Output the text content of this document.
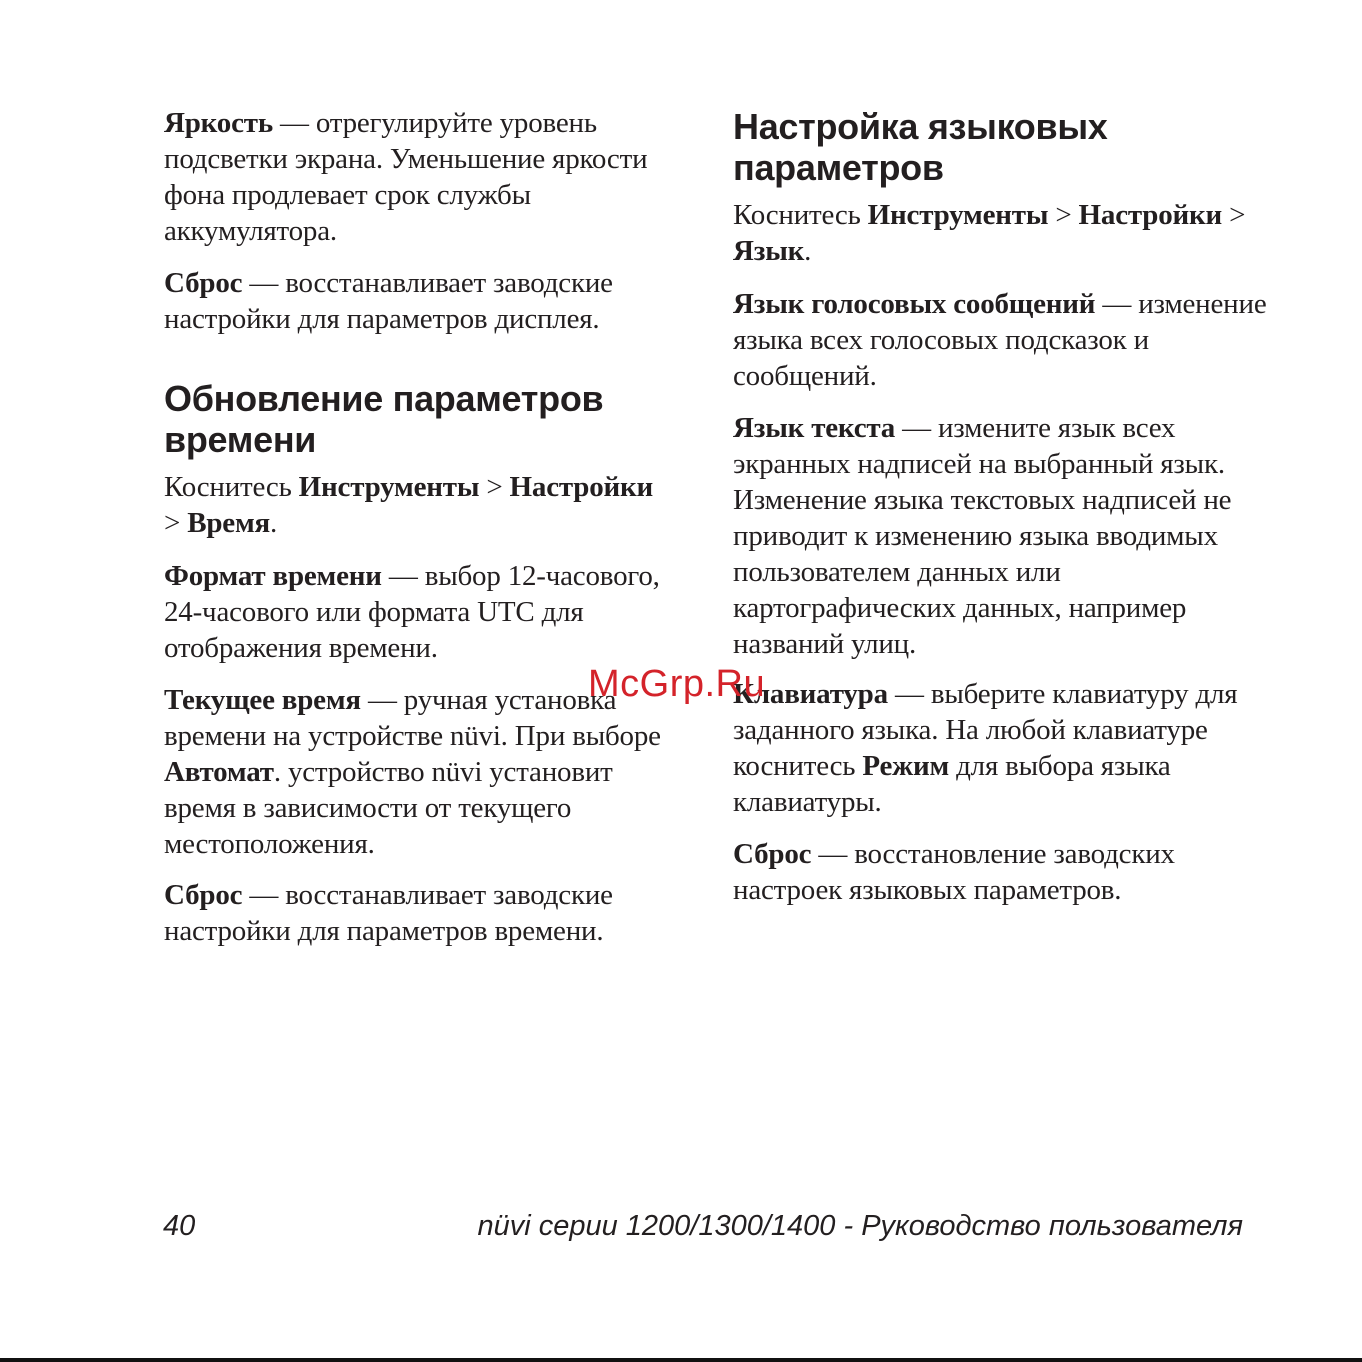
Яркость — отрегулируйте уровень подсветки экрана. Уменьшение яркости фона продлевает срок службы аккумулятора.

Сброс — восстанавливает заводские настройки для параметров дисплея.

Обновление параметров
времени

Коснитесь Инструменты > Настройки > Время.

Формат времени — выбор 12-часового, 24-часового или формата UTC для отображения времени.

Текущее время — ручная установка времени на устройстве nüvi. При выборе Автомат. устройство nüvi установит время в зависимости от текущего местоположения.

Сброс — восстанавливает заводские настройки для параметров времени.

Настройка языковых
параметров

Коснитесь Инструменты > Настройки > Язык.

Язык голосовых сообщений — изменение языка всех голосовых подсказок и сообщений.

Язык текста — измените язык всех экранных надписей на выбранный язык. Изменение языка текстовых надписей не приводит к изменению языка вводимых пользователем данных или картографических данных, например названий улиц.

Клавиатура — выберите клавиатуру для заданного языка. На любой клавиатуре коснитесь Режим для выбора языка клавиатуры.

Сброс — восстановление заводских настроек языковых параметров.

McGrp.Ru
40	nüvi серии 1200/1300/1400 - Руководство пользователя
